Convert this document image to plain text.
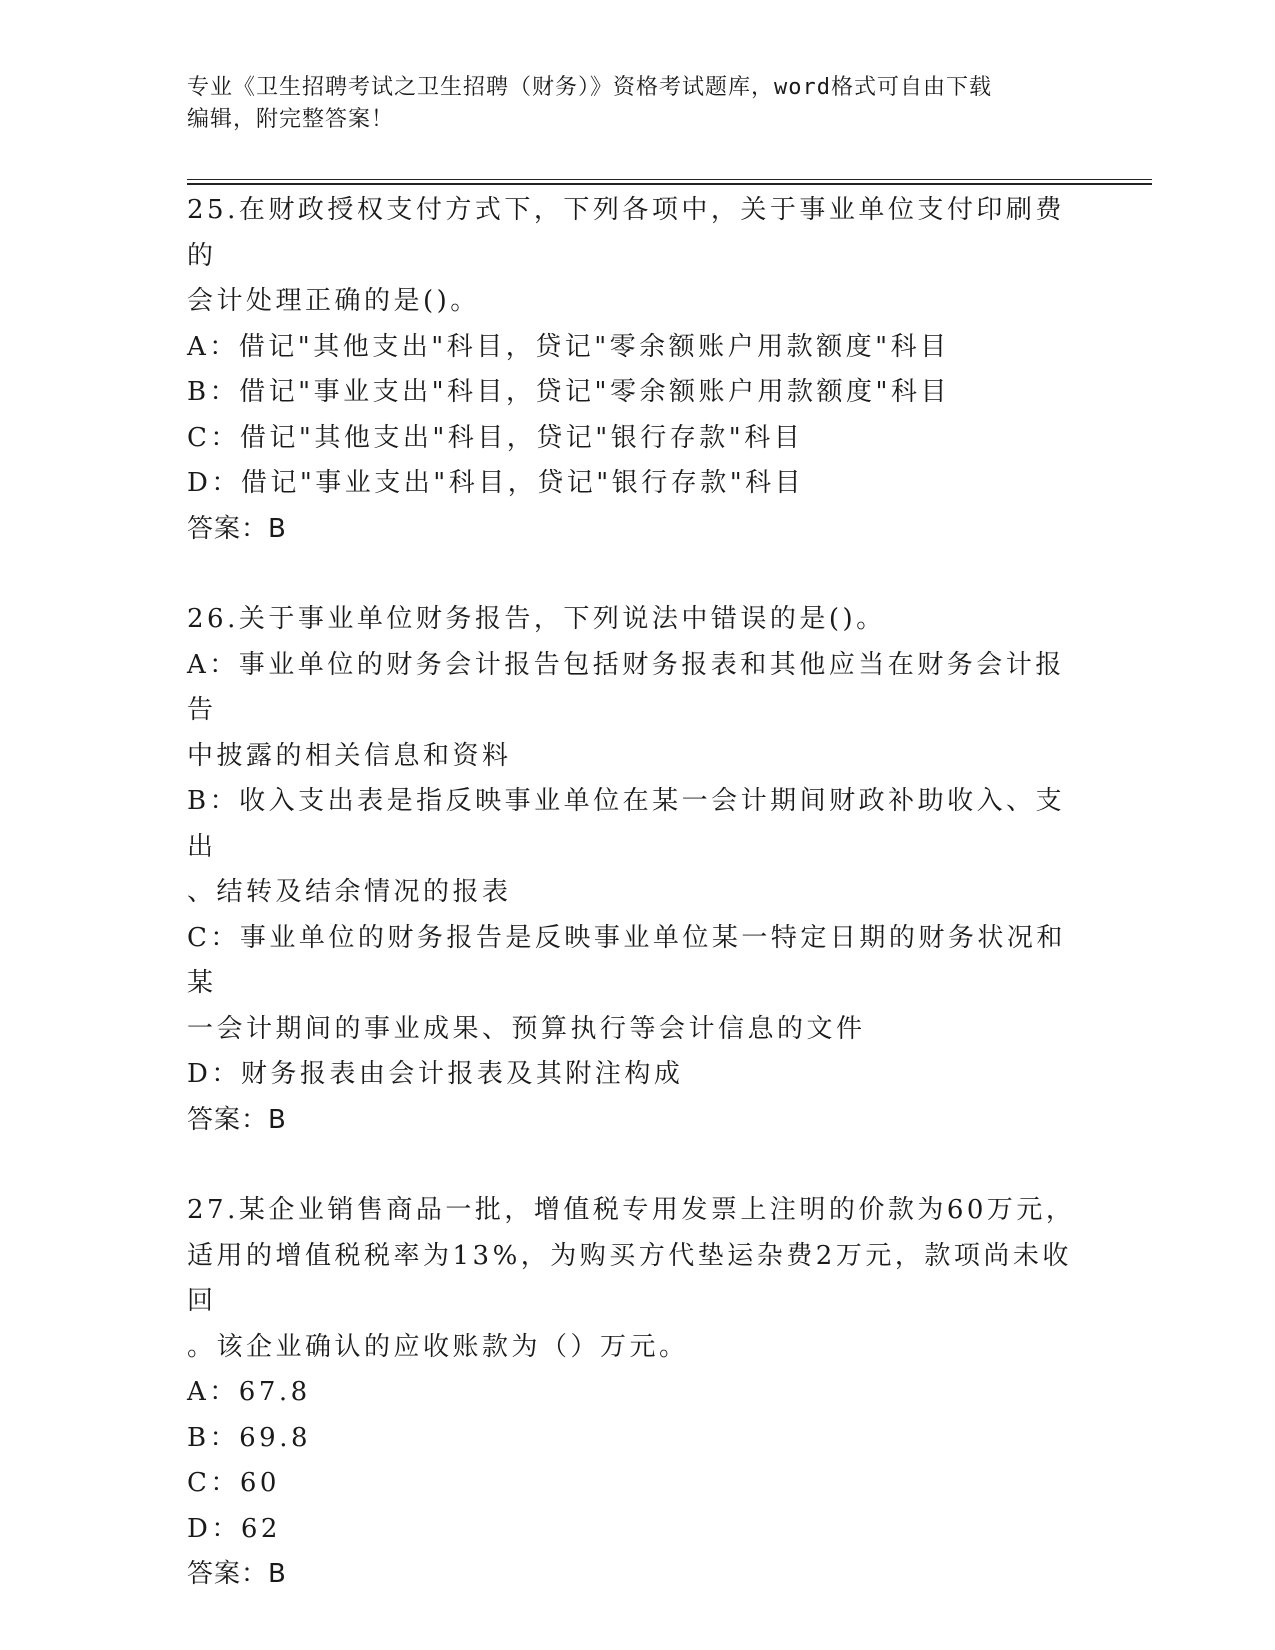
专业《卫生招聘考试之卫生招聘（财务）》资格考试题库，word格式可自由下载
编辑，附完整答案！
25.在财政授权支付方式下，下列各项中，关于事业单位支付印刷费的
会计处理正确的是()。
A：借记"其他支出"科目，贷记"零余额账户用款额度"科目
B：借记"事业支出"科目，贷记"零余额账户用款额度"科目
C：借记"其他支出"科目，贷记"银行存款"科目
D：借记"事业支出"科目，贷记"银行存款"科目
答案：B
26.关于事业单位财务报告，下列说法中错误的是()。
A：事业单位的财务会计报告包括财务报表和其他应当在财务会计报告
中披露的相关信息和资料
B：收入支出表是指反映事业单位在某一会计期间财政补助收入、支出
、结转及结余情况的报表
C：事业单位的财务报告是反映事业单位某一特定日期的财务状况和某
一会计期间的事业成果、预算执行等会计信息的文件
D：财务报表由会计报表及其附注构成
答案：B
27.某企业销售商品一批，增值税专用发票上注明的价款为60万元，
适用的增值税税率为13%，为购买方代垫运杂费2万元，款项尚未收回
。该企业确认的应收账款为（）万元。
A：67.8
B：69.8
C：60
D：62
答案：B
